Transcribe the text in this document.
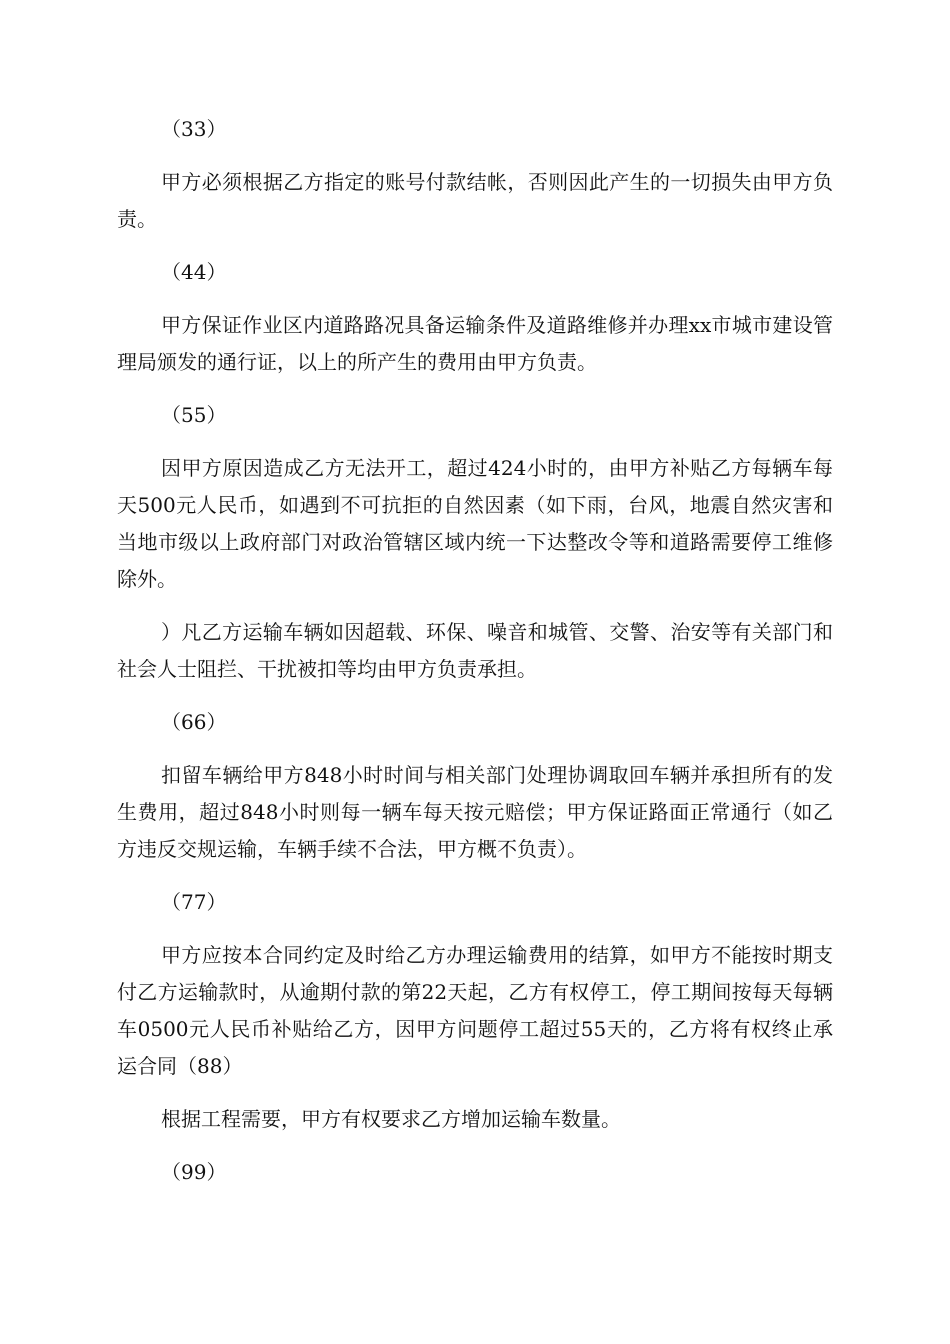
（33）

甲方必须根据乙方指定的账号付款结帐，否则因此产生的一切损失由甲方负责。

（44）

甲方保证作业区内道路路况具备运输条件及道路维修并办理xx市城市建设管理局颁发的通行证，以上的所产生的费用由甲方负责。

（55）

因甲方原因造成乙方无法开工，超过424小时的，由甲方补贴乙方每辆车每天500元人民币，如遇到不可抗拒的自然因素（如下雨，台风，地震自然灾害和当地市级以上政府部门对政治管辖区域内统一下达整改令等和道路需要停工维修除外。

）凡乙方运输车辆如因超载、环保、噪音和城管、交警、治安等有关部门和社会人士阻拦、干扰被扣等均由甲方负责承担。

（66）

扣留车辆给甲方848小时时间与相关部门处理协调取回车辆并承担所有的发生费用，超过848小时则每一辆车每天按元赔偿；甲方保证路面正常通行（如乙方违反交规运输，车辆手续不合法，甲方概不负责）。

（77）

甲方应按本合同约定及时给乙方办理运输费用的结算，如甲方不能按时期支付乙方运输款时，从逾期付款的第22天起，乙方有权停工，停工期间按每天每辆车0500元人民币补贴给乙方，因甲方问题停工超过55天的，乙方将有权终止承运合同（88）

根据工程需要，甲方有权要求乙方增加运输车数量。

（99）
